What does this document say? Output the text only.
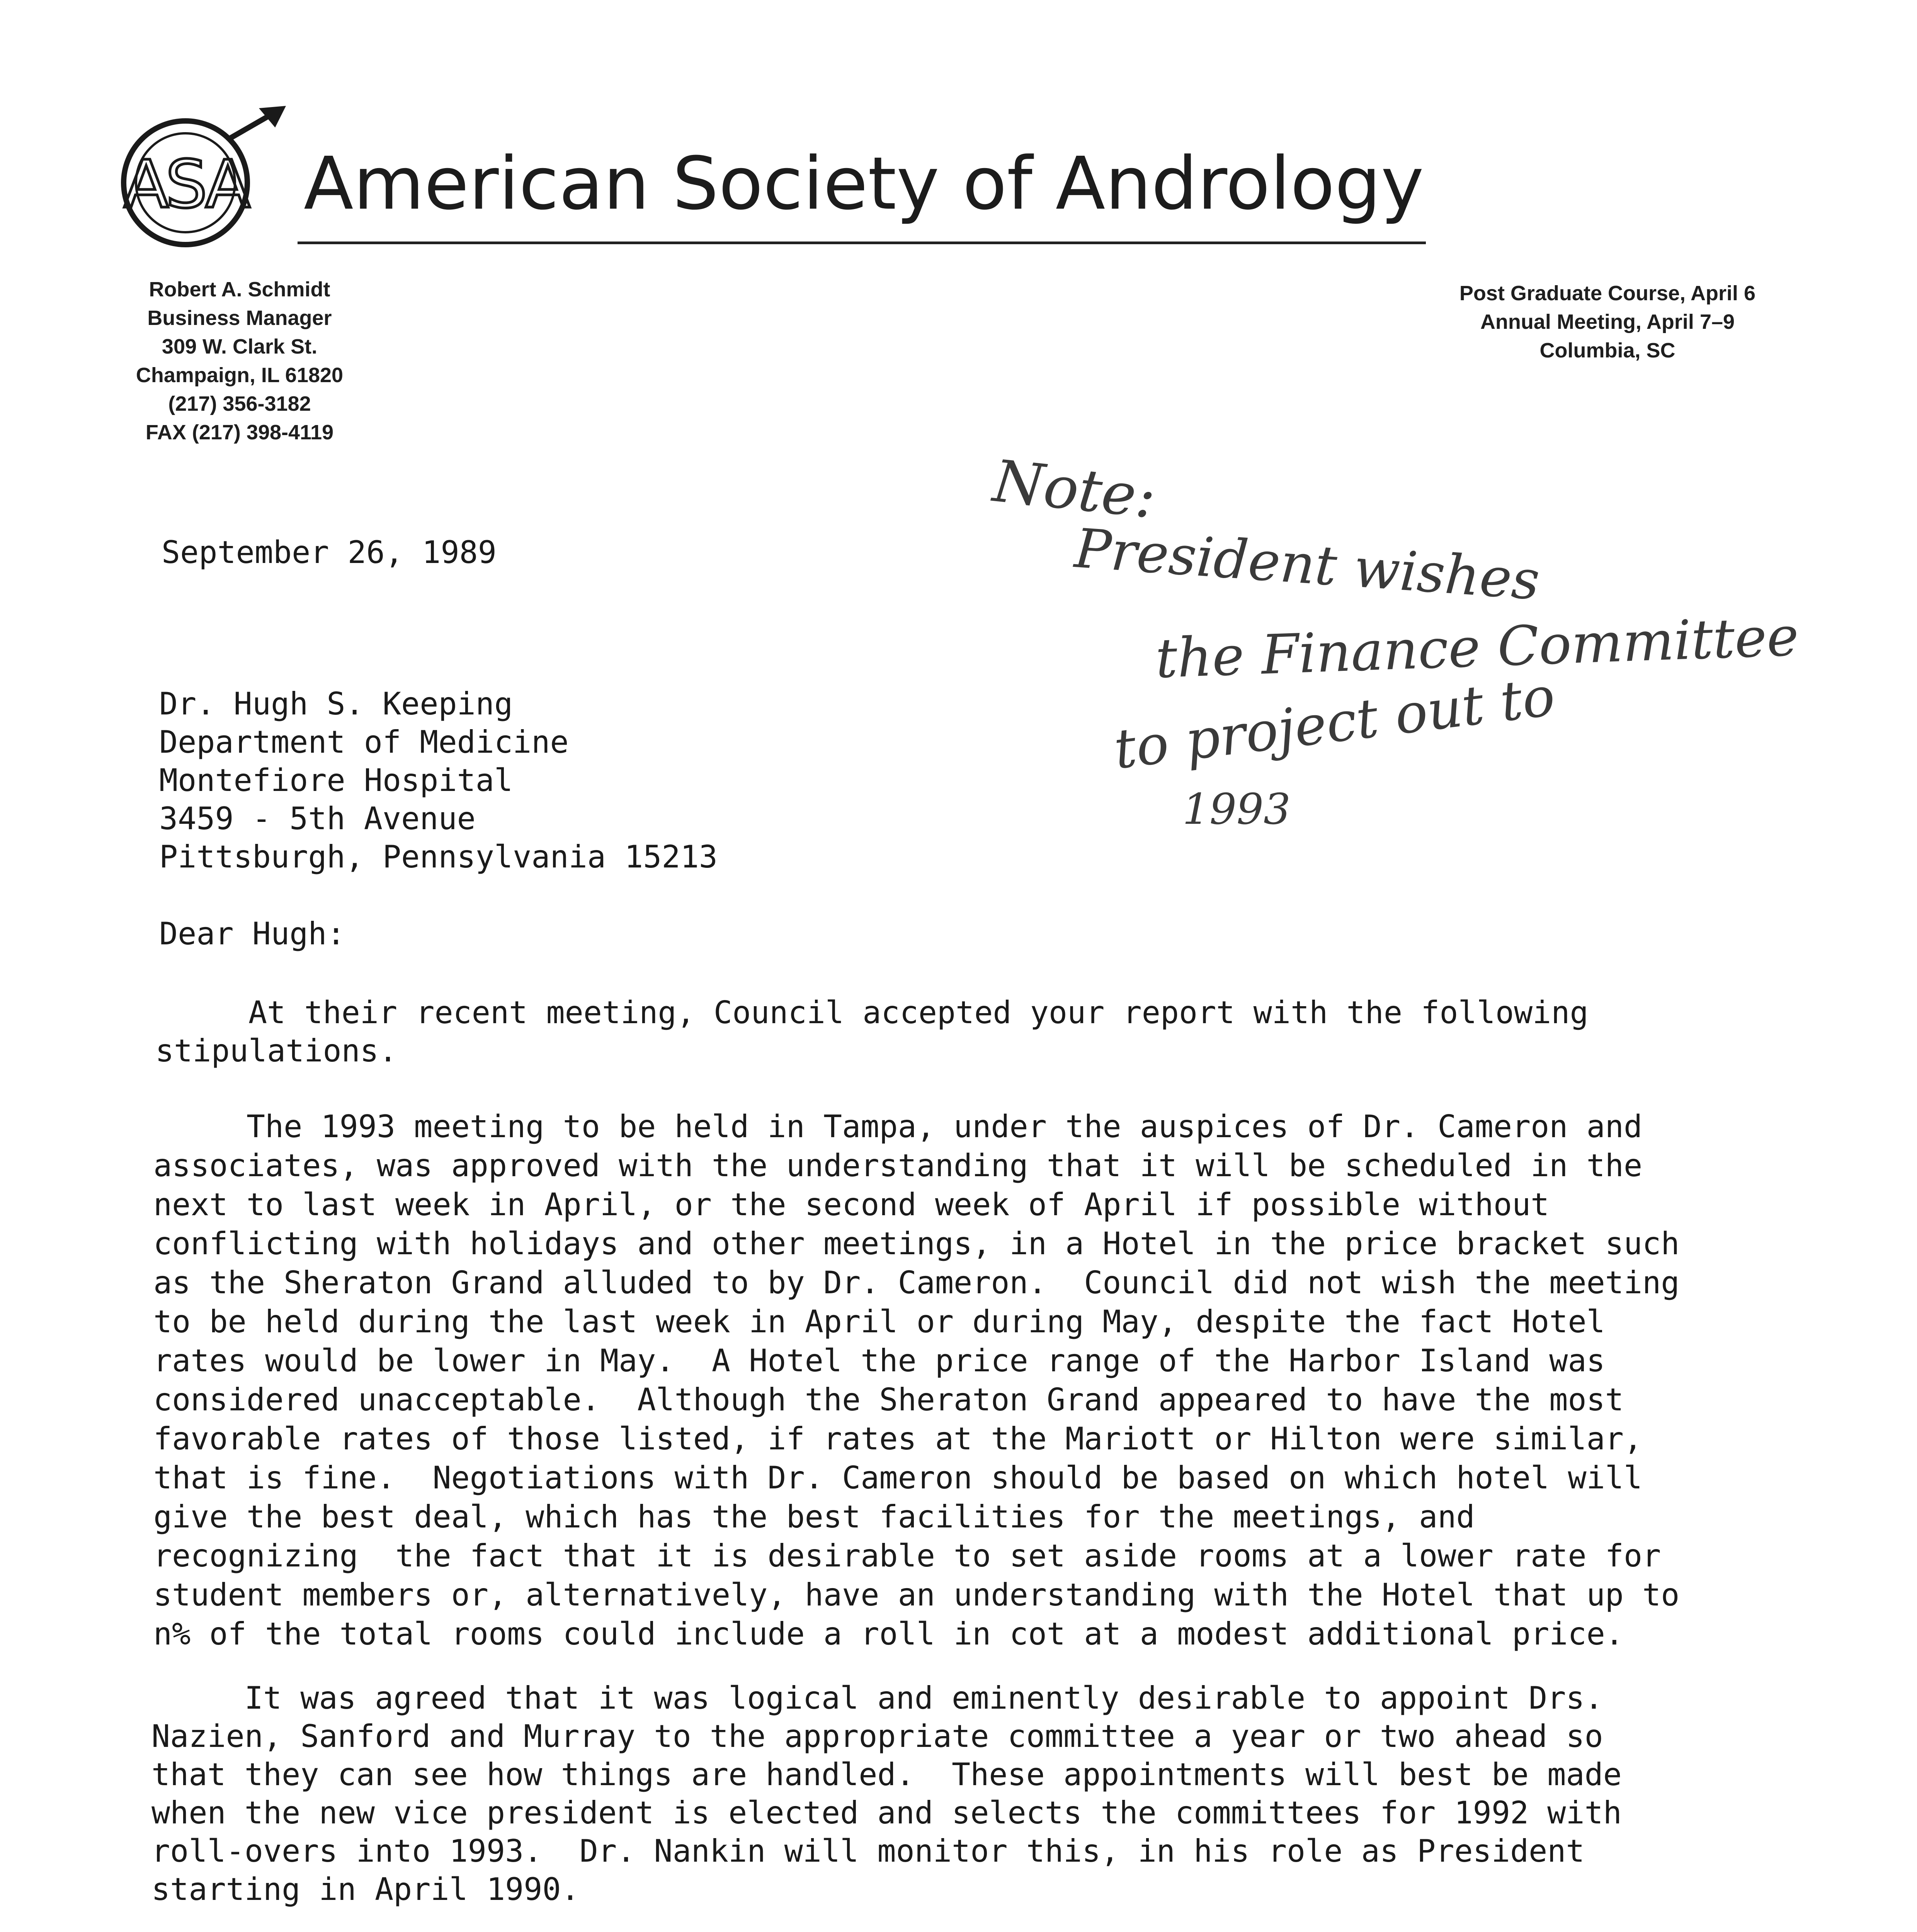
ASA American Society of Andrology
Robert A. Schmidt
Business Manager
309 W. Clark St.
Champaign, IL 61820
(217) 356-3182
FAX (217) 398-4119
Post Graduate Course, April 6
Annual Meeting, April 7–9
Columbia, SC
Note:
President wishes
the Finance Committee
to project out to
1993
September 26, 1989
Dr. Hugh S. Keeping
Department of Medicine
Montefiore Hospital
3459 - 5th Avenue
Pittsburgh, Pennsylvania 15213
Dear Hugh:
At their recent meeting, Council accepted your report with the following
stipulations.
The 1993 meeting to be held in Tampa, under the auspices of Dr. Cameron and
associates, was approved with the understanding that it will be scheduled in the
next to last week in April, or the second week of April if possible without
conflicting with holidays and other meetings, in a Hotel in the price bracket such
as the Sheraton Grand alluded to by Dr. Cameron.  Council did not wish the meeting
to be held during the last week in April or during May, despite the fact Hotel
rates would be lower in May.  A Hotel the price range of the Harbor Island was
considered unacceptable.  Although the Sheraton Grand appeared to have the most
favorable rates of those listed, if rates at the Mariott or Hilton were similar,
that is fine.  Negotiations with Dr. Cameron should be based on which hotel will
give the best deal, which has the best facilities for the meetings, and
recognizing  the fact that it is desirable to set aside rooms at a lower rate for
student members or, alternatively, have an understanding with the Hotel that up to
n% of the total rooms could include a roll in cot at a modest additional price.
It was agreed that it was logical and eminently desirable to appoint Drs.
Nazien, Sanford and Murray to the appropriate committee a year or two ahead so
that they can see how things are handled.  These appointments will best be made
when the new vice president is elected and selects the committees for 1992 with
roll-overs into 1993.  Dr. Nankin will monitor this, in his role as President
starting in April 1990.
